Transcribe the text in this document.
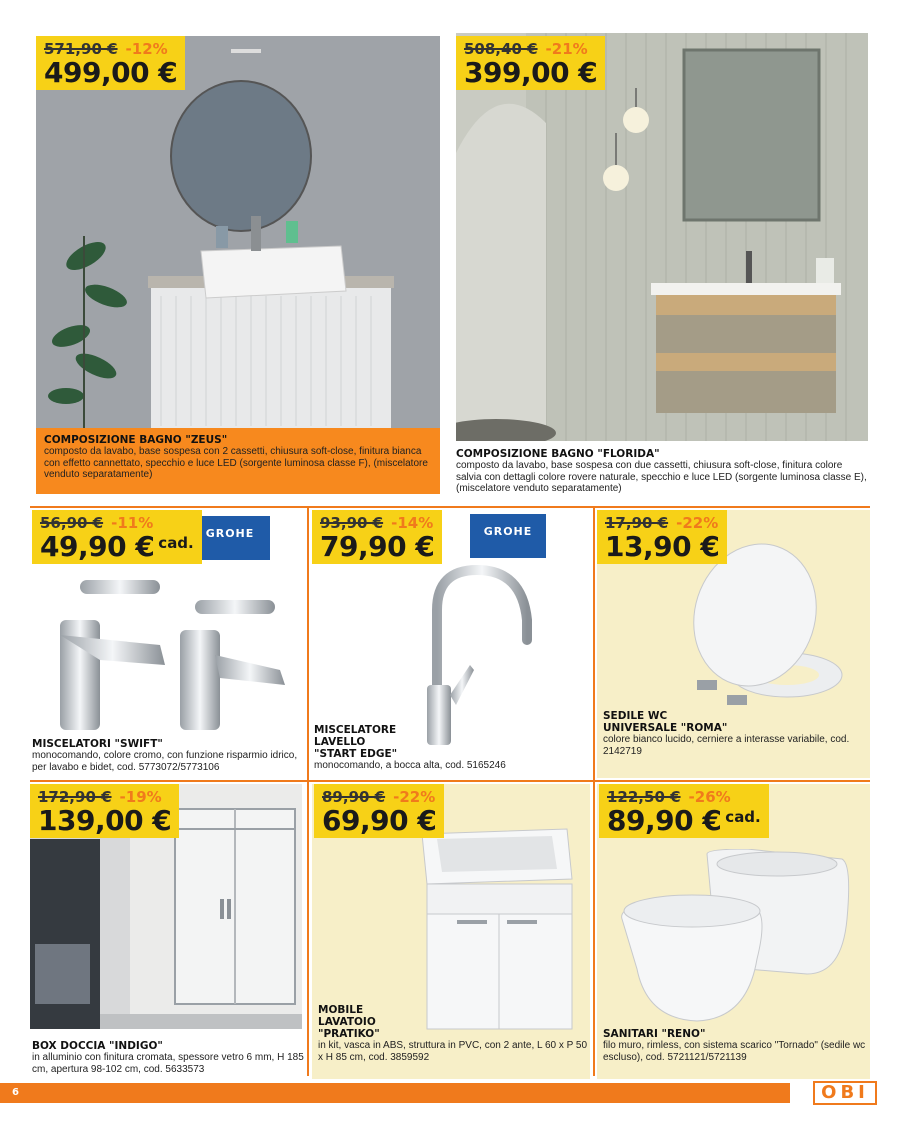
571,90 € -12%
499,00 €
COMPOSIZIONE BAGNO "ZEUS"
composto da lavabo, base sospesa con 2 cassetti, chiusura soft-close, finitura bianca con effetto cannettato, specchio e luce LED (sorgente luminosa classe F), (miscelatore venduto separatamente)
508,40 € -21%
399,00 €
COMPOSIZIONE BAGNO "FLORIDA"
composto da lavabo, base sospesa con due cassetti, chiusura soft-close, finitura colore salvia con dettagli colore rovere naturale, specchio e luce LED (sorgente luminosa classe E), (miscelatore venduto separatamente)
56,90 € -11%
49,90 € cad.
GROHE
MISCELATORI "SWIFT"
monocomando, colore cromo, con funzione risparmio idrico, per lavabo e bidet, cod. 5773072/5773106
93,90 € -14%
79,90 €	GROHE
MISCELATORE
LAVELLO
"START EDGE"
monocomando, a bocca alta, cod. 5165246
17,90 € -22%
13,90 €
SEDILE WC
UNIVERSALE "ROMA"
colore bianco lucido, cerniere a interasse variabile, cod. 2142719
172,90 € -19%
139,00 €
BOX DOCCIA "INDIGO"
in alluminio con finitura cromata, spessore vetro 6 mm, H 185 cm, apertura 98-102 cm, cod. 5633573
89,90 € -22%
69,90 €
MOBILE
LAVATOIO
"PRATIKO"
in kit, vasca in ABS, struttura in PVC, con 2 ante, L 60 x P 50 x H 85 cm, cod. 3859592
122,50 € -26%
89,90 € cad.
SANITARI "RENO"
filo muro, rimless, con sistema scarico "Tornado" (sedile wc escluso), cod. 5721121/5721139
6	OBI
